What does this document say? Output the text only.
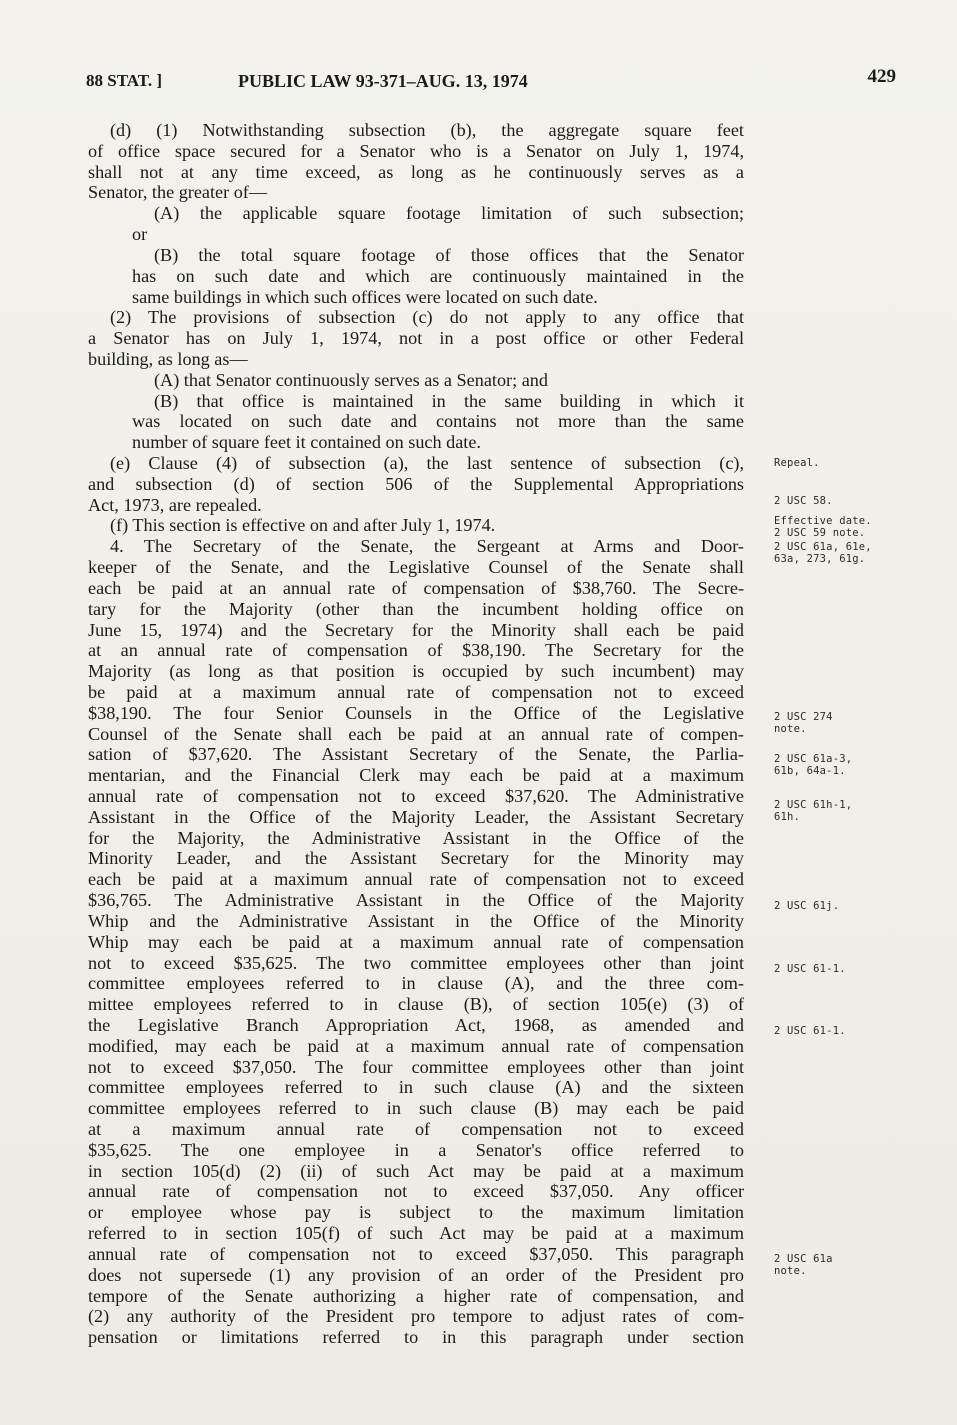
88 STAT. ]	PUBLIC LAW 93-371–AUG. 13, 1974	429
(d) (1) Notwithstanding subsection (b), the aggregate square feet
of office space secured for a Senator who is a Senator on July 1, 1974,
shall not at any time exceed, as long as he continuously serves as a
Senator, the greater of—
(A) the applicable square footage limitation of such subsection;
or
(B) the total square footage of those offices that the Senator
has on such date and which are continuously maintained in the
same buildings in which such offices were located on such date.
(2) The provisions of subsection (c) do not apply to any office that
a Senator has on July 1, 1974, not in a post office or other Federal
building, as long as—
(A) that Senator continuously serves as a Senator; and
(B) that office is maintained in the same building in which it
was located on such date and contains not more than the same
number of square feet it contained on such date.
(e) Clause (4) of subsection (a), the last sentence of subsection (c),
and subsection (d) of section 506 of the Supplemental Appropriations
Act, 1973, are repealed.
(f) This section is effective on and after July 1, 1974.
4. The Secretary of the Senate, the Sergeant at Arms and Door-
keeper of the Senate, and the Legislative Counsel of the Senate shall
each be paid at an annual rate of compensation of $38,760. The Secre-
tary for the Majority (other than the incumbent holding office on
June 15, 1974) and the Secretary for the Minority shall each be paid
at an annual rate of compensation of $38,190. The Secretary for the
Majority (as long as that position is occupied by such incumbent) may
be paid at a maximum annual rate of compensation not to exceed
$38,190. The four Senior Counsels in the Office of the Legislative
Counsel of the Senate shall each be paid at an annual rate of compen-
sation of $37,620. The Assistant Secretary of the Senate, the Parlia-
mentarian, and the Financial Clerk may each be paid at a maximum
annual rate of compensation not to exceed $37,620. The Administrative
Assistant in the Office of the Majority Leader, the Assistant Secretary
for the Majority, the Administrative Assistant in the Office of the
Minority Leader, and the Assistant Secretary for the Minority may
each be paid at a maximum annual rate of compensation not to exceed
$36,765. The Administrative Assistant in the Office of the Majority
Whip and the Administrative Assistant in the Office of the Minority
Whip may each be paid at a maximum annual rate of compensation
not to exceed $35,625. The two committee employees other than joint
committee employees referred to in clause (A), and the three com-
mittee employees referred to in clause (B), of section 105(e) (3) of
the Legislative Branch Appropriation Act, 1968, as amended and
modified, may each be paid at a maximum annual rate of compensation
not to exceed $37,050. The four committee employees other than joint
committee employees referred to in such clause (A) and the sixteen
committee employees referred to in such clause (B) may each be paid
at a maximum annual rate of compensation not to exceed
$35,625. The one employee in a Senator's office referred to
in section 105(d) (2) (ii) of such Act may be paid at a maximum
annual rate of compensation not to exceed $37,050. Any officer
or employee whose pay is subject to the maximum limitation
referred to in section 105(f) of such Act may be paid at a maximum
annual rate of compensation not to exceed $37,050. This paragraph
does not supersede (1) any provision of an order of the President pro
tempore of the Senate authorizing a higher rate of compensation, and
(2) any authority of the President pro tempore to adjust rates of com-
pensation or limitations referred to in this paragraph under section
Repeal.
2 USC 58.
Effective date.
2 USC 59 note.
2 USC 61a, 61e,
63a, 273, 61g.
2 USC 274
note.
2 USC 61a-3,
61b, 64a-1.
2 USC 61h-1,
61h.
2 USC 61j.
2 USC 61-1.
2 USC 61-1.
2 USC 61a
note.
